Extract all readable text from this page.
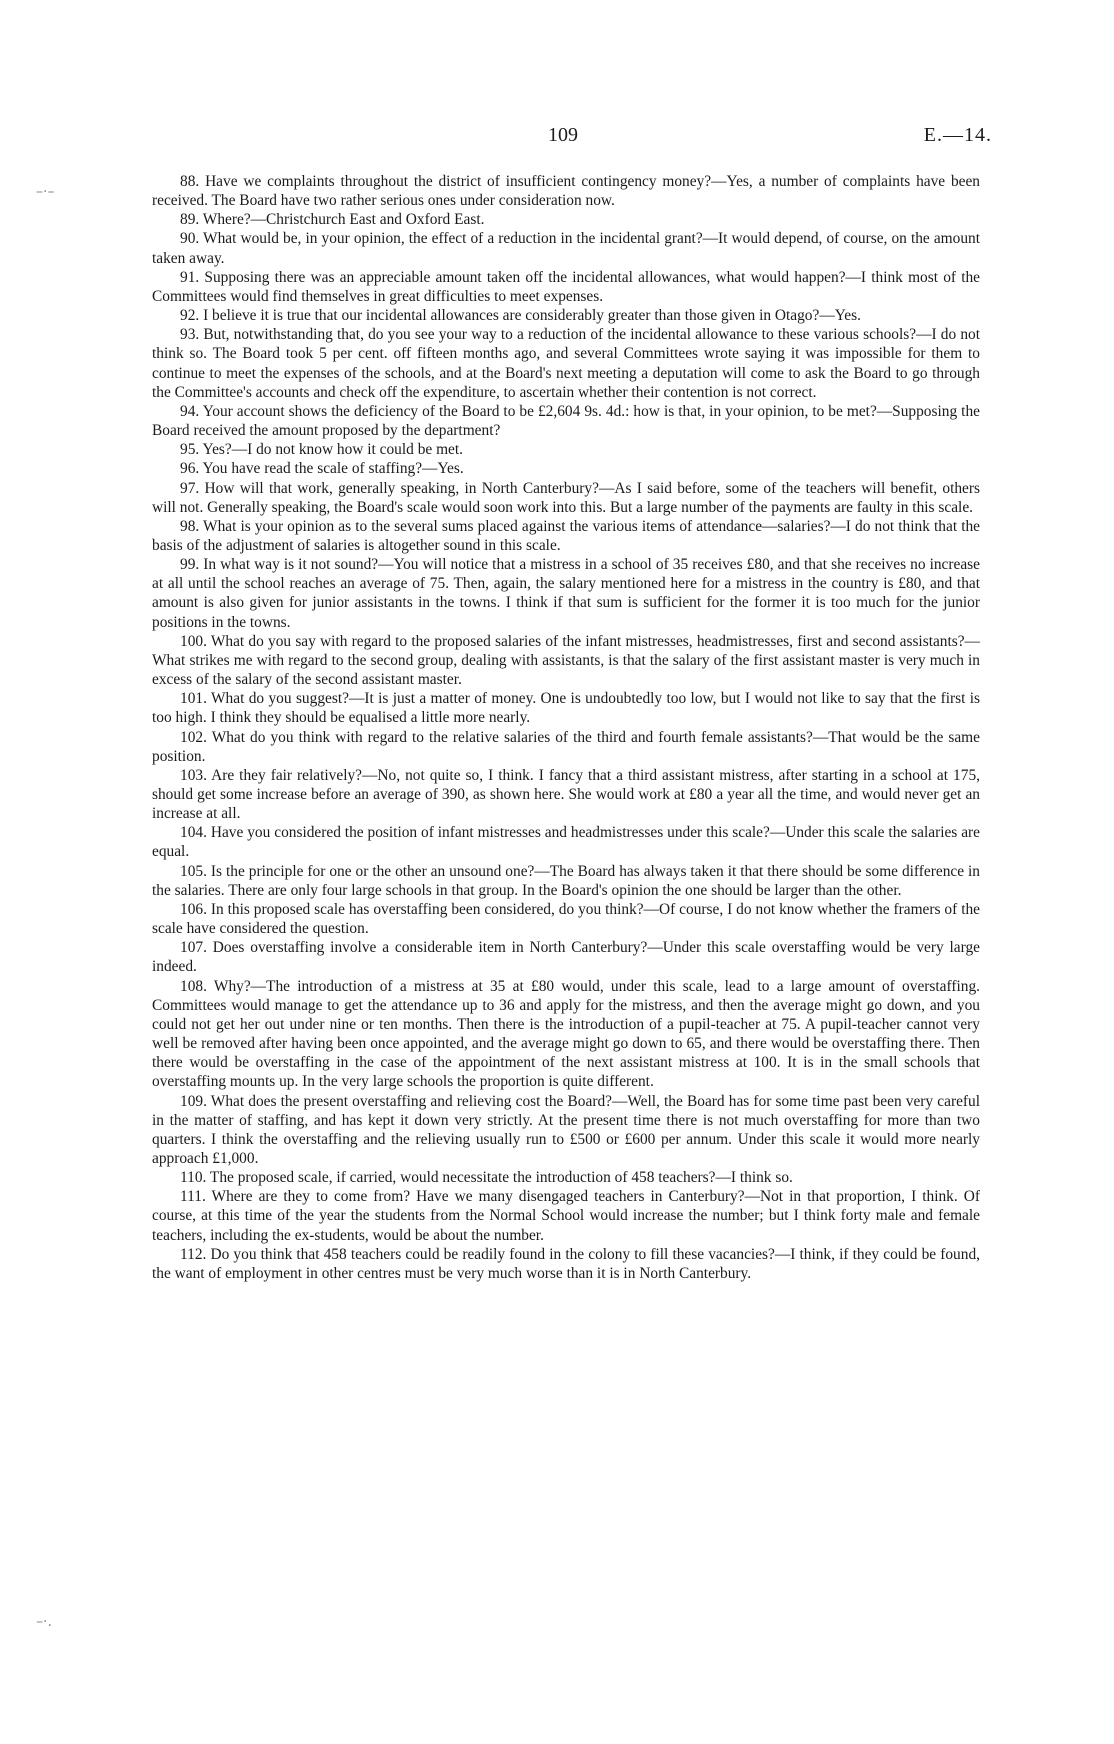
109	E.—14.
–·–
–·.

88. Have we complaints throughout the district of insufficient contingency money?—Yes, a number of complaints have been received. The Board have two rather serious ones under consideration now.

89. Where?—Christchurch East and Oxford East.

90. What would be, in your opinion, the effect of a reduction in the incidental grant?—It would depend, of course, on the amount taken away.

91. Supposing there was an appreciable amount taken off the incidental allowances, what would happen?—I think most of the Committees would find themselves in great difficulties to meet expenses.

92. I believe it is true that our incidental allowances are considerably greater than those given in Otago?—Yes.

93. But, notwithstanding that, do you see your way to a reduction of the incidental allowance to these various schools?—I do not think so. The Board took 5 per cent. off fifteen months ago, and several Committees wrote saying it was impossible for them to continue to meet the expenses of the schools, and at the Board's next meeting a deputation will come to ask the Board to go through the Committee's accounts and check off the expenditure, to ascertain whether their contention is not correct.

94. Your account shows the deficiency of the Board to be £2,604 9s. 4d.: how is that, in your opinion, to be met?—Supposing the Board received the amount proposed by the department?

95. Yes?—I do not know how it could be met.

96. You have read the scale of staffing?—Yes.

97. How will that work, generally speaking, in North Canterbury?—As I said before, some of the teachers will benefit, others will not. Generally speaking, the Board's scale would soon work into this. But a large number of the payments are faulty in this scale.

98. What is your opinion as to the several sums placed against the various items of attendance—salaries?—I do not think that the basis of the adjustment of salaries is altogether sound in this scale.

99. In what way is it not sound?—You will notice that a mistress in a school of 35 receives £80, and that she receives no increase at all until the school reaches an average of 75. Then, again, the salary mentioned here for a mistress in the country is £80, and that amount is also given for junior assistants in the towns. I think if that sum is sufficient for the former it is too much for the junior positions in the towns.

100. What do you say with regard to the proposed salaries of the infant mistresses, headmistresses, first and second assistants?—What strikes me with regard to the second group, dealing with assistants, is that the salary of the first assistant master is very much in excess of the salary of the second assistant master.

101. What do you suggest?—It is just a matter of money. One is undoubtedly too low, but I would not like to say that the first is too high. I think they should be equalised a little more nearly.

102. What do you think with regard to the relative salaries of the third and fourth female assistants?—That would be the same position.

103. Are they fair relatively?—No, not quite so, I think. I fancy that a third assistant mistress, after starting in a school at 175, should get some increase before an average of 390, as shown here. She would work at £80 a year all the time, and would never get an increase at all.

104. Have you considered the position of infant mistresses and headmistresses under this scale?—Under this scale the salaries are equal.

105. Is the principle for one or the other an unsound one?—The Board has always taken it that there should be some difference in the salaries. There are only four large schools in that group. In the Board's opinion the one should be larger than the other.

106. In this proposed scale has overstaffing been considered, do you think?—Of course, I do not know whether the framers of the scale have considered the question.

107. Does overstaffing involve a considerable item in North Canterbury?—Under this scale overstaffing would be very large indeed.

108. Why?—The introduction of a mistress at 35 at £80 would, under this scale, lead to a large amount of overstaffing. Committees would manage to get the attendance up to 36 and apply for the mistress, and then the average might go down, and you could not get her out under nine or ten months. Then there is the introduction of a pupil-teacher at 75. A pupil-teacher cannot very well be removed after having been once appointed, and the average might go down to 65, and there would be overstaffing there. Then there would be overstaffing in the case of the appointment of the next assistant mistress at 100. It is in the small schools that overstaffing mounts up. In the very large schools the proportion is quite different.

109. What does the present overstaffing and relieving cost the Board?—Well, the Board has for some time past been very careful in the matter of staffing, and has kept it down very strictly. At the present time there is not much overstaffing for more than two quarters. I think the overstaffing and the relieving usually run to £500 or £600 per annum. Under this scale it would more nearly approach £1,000.

110. The proposed scale, if carried, would necessitate the introduction of 458 teachers?—I think so.

111. Where are they to come from? Have we many disengaged teachers in Canterbury?—Not in that proportion, I think. Of course, at this time of the year the students from the Normal School would increase the number; but I think forty male and female teachers, including the ex-students, would be about the number.

112. Do you think that 458 teachers could be readily found in the colony to fill these vacancies?—I think, if they could be found, the want of employment in other centres must be very much worse than it is in North Canterbury.
